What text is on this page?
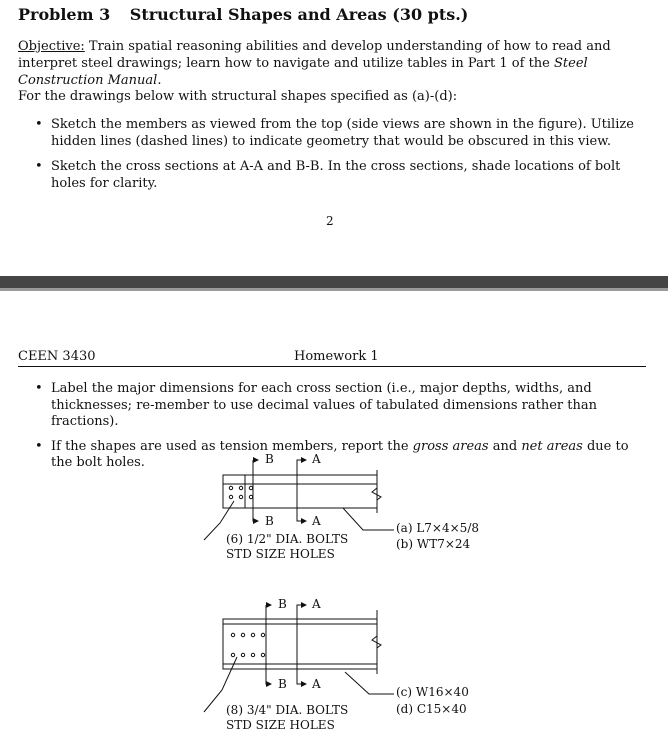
Problem 3 Structural Shapes and Areas (30 pts.)
Objective: Train spatial reasoning abilities and develop understanding of how to read and interpret steel drawings; learn how to navigate and utilize tables in Part 1 of the Steel Construction Manual.
For the drawings below with structural shapes specified as (a)-(d):
• Sketch the members as viewed from the top (side views are shown in the figure). Utilize hidden lines (dashed lines) to indicate geometry that would be obscured in this view.
• Sketch the cross sections at A-A and B-B. In the cross sections, shade locations of bolt holes for clarity.
2
CEEN 3430	Homework 1
• Label the major dimensions for each cross section (i.e., major depths, widths, and thicknesses; re-member to use decimal values of tabulated dimensions rather than fractions).
• If the shapes are used as tension members, report the gross areas and net areas due to the bolt holes.	B	A
B	A
(6) 1/2" DIA. BOLTS
STD SIZE HOLES
(a) L7×4×5/8
(b) WT7×24
B A
B A
(8) 3/4" DIA. BOLTS
STD SIZE HOLES
(c) W16×40
(d) C15×40
